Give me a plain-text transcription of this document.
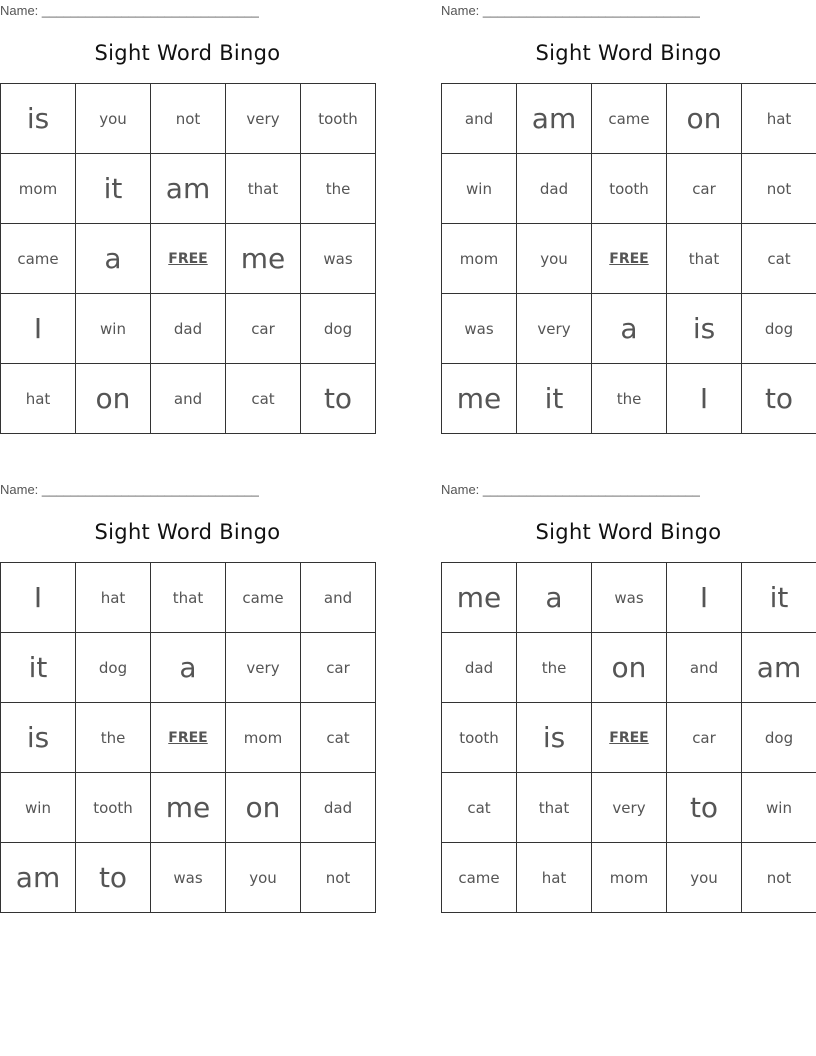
Name: ______________________________
Sight Word Bingo
is	you	not	very	tooth
mom	it	am	that	the
came	a	FREE	me	was
I	win	dad	car	dog
hat	on	and	cat	to
Name: ______________________________
Sight Word Bingo
and	am	came	on	hat
win	dad	tooth	car	not
mom	you	FREE	that	cat
was	very	a	is	dog
me	it	the	I	to
Name: ______________________________
Sight Word Bingo
I	hat	that	came	and
it	dog	a	very	car
is	the	FREE	mom	cat
win	tooth	me	on	dad
am	to	was	you	not
Name: ______________________________
Sight Word Bingo
me	a	was	I	it
dad	the	on	and	am
tooth	is	FREE	car	dog
cat	that	very	to	win
came	hat	mom	you	not
